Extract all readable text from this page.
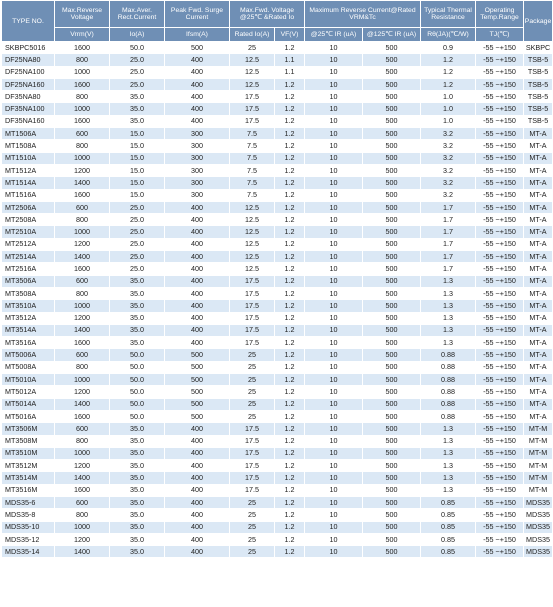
TYPE NO.	Max.Reverse Voltage	Max.Aver. Rect.Current	Peak Fwd. Surge Current	Max.Fwd. Voltage @25℃ &Rated Io		Maximum Reverse Current@Rated VRM&Tc		Typical Thermal Resistance	Operating Temp.Range	Package
	Vrrm(V)	Io(A)	Ifsm(A)	Rated Io(A)	VF(V)	@25℃ IR (uA)	@125℃ IR (uA)	Rθ(JA)(℃/W)	TJ(℃)	
SKBPC5016	1600	50.0	500	25	1.2	10	500	0.9	-55 ~+150	SKBPC
DF25NA80	800	25.0	400	12.5	1.1	10	500	1.2	-55 ~+150	TSB-5
DF25NA100	1000	25.0	400	12.5	1.1	10	500	1.2	-55 ~+150	TSB-5
DF25NA160	1600	25.0	400	12.5	1.2	10	500	1.2	-55 ~+150	TSB-5
DF35NA80	800	35.0	400	17.5	1.2	10	500	1.0	-55 ~+150	TSB-5
DF35NA100	1000	35.0	400	17.5	1.2	10	500	1.0	-55 ~+150	TSB-5
DF35NA160	1600	35.0	400	17.5	1.2	10	500	1.0	-55 ~+150	TSB-5
MT1506A	600	15.0	300	7.5	1.2	10	500	3.2	-55 ~+150	MT-A
MT1508A	800	15.0	300	7.5	1.2	10	500	3.2	-55 ~+150	MT-A
MT1510A	1000	15.0	300	7.5	1.2	10	500	3.2	-55 ~+150	MT-A
MT1512A	1200	15.0	300	7.5	1.2	10	500	3.2	-55 ~+150	MT-A
MT1514A	1400	15.0	300	7.5	1.2	10	500	3.2	-55 ~+150	MT-A
MT1516A	1600	15.0	300	7.5	1.2	10	500	3.2	-55 ~+150	MT-A
MT2506A	600	25.0	400	12.5	1.2	10	500	1.7	-55 ~+150	MT-A
MT2508A	800	25.0	400	12.5	1.2	10	500	1.7	-55 ~+150	MT-A
MT2510A	1000	25.0	400	12.5	1.2	10	500	1.7	-55 ~+150	MT-A
MT2512A	1200	25.0	400	12.5	1.2	10	500	1.7	-55 ~+150	MT-A
MT2514A	1400	25.0	400	12.5	1.2	10	500	1.7	-55 ~+150	MT-A
MT2516A	1600	25.0	400	12.5	1.2	10	500	1.7	-55 ~+150	MT-A
MT3506A	600	35.0	400	17.5	1.2	10	500	1.3	-55 ~+150	MT-A
MT3508A	800	35.0	400	17.5	1.2	10	500	1.3	-55 ~+150	MT-A
MT3510A	1000	35.0	400	17.5	1.2	10	500	1.3	-55 ~+150	MT-A
MT3512A	1200	35.0	400	17.5	1.2	10	500	1.3	-55 ~+150	MT-A
MT3514A	1400	35.0	400	17.5	1.2	10	500	1.3	-55 ~+150	MT-A
MT3516A	1600	35.0	400	17.5	1.2	10	500	1.3	-55 ~+150	MT-A
MT5006A	600	50.0	500	25	1.2	10	500	0.88	-55 ~+150	MT-A
MT5008A	800	50.0	500	25	1.2	10	500	0.88	-55 ~+150	MT-A
MT5010A	1000	50.0	500	25	1.2	10	500	0.88	-55 ~+150	MT-A
MT5012A	1200	50.0	500	25	1.2	10	500	0.88	-55 ~+150	MT-A
MT5014A	1400	50.0	500	25	1.2	10	500	0.88	-55 ~+150	MT-A
MT5016A	1600	50.0	500	25	1.2	10	500	0.88	-55 ~+150	MT-A
MT3506M	600	35.0	400	17.5	1.2	10	500	1.3	-55 ~+150	MT-M
MT3508M	800	35.0	400	17.5	1.2	10	500	1.3	-55 ~+150	MT-M
MT3510M	1000	35.0	400	17.5	1.2	10	500	1.3	-55 ~+150	MT-M
MT3512M	1200	35.0	400	17.5	1.2	10	500	1.3	-55 ~+150	MT-M
MT3514M	1400	35.0	400	17.5	1.2	10	500	1.3	-55 ~+150	MT-M
MT3516M	1600	35.0	400	17.5	1.2	10	500	1.3	-55 ~+150	MT-M
MDS35-6	600	35.0	400	25	1.2	10	500	0.85	-55 ~+150	MDS35
MDS35-8	800	35.0	400	25	1.2	10	500	0.85	-55 ~+150	MDS35
MDS35-10	1000	35.0	400	25	1.2	10	500	0.85	-55 ~+150	MDS35
MDS35-12	1200	35.0	400	25	1.2	10	500	0.85	-55 ~+150	MDS35
MDS35-14	1400	35.0	400	25	1.2	10	500	0.85	-55 ~+150	MDS35
